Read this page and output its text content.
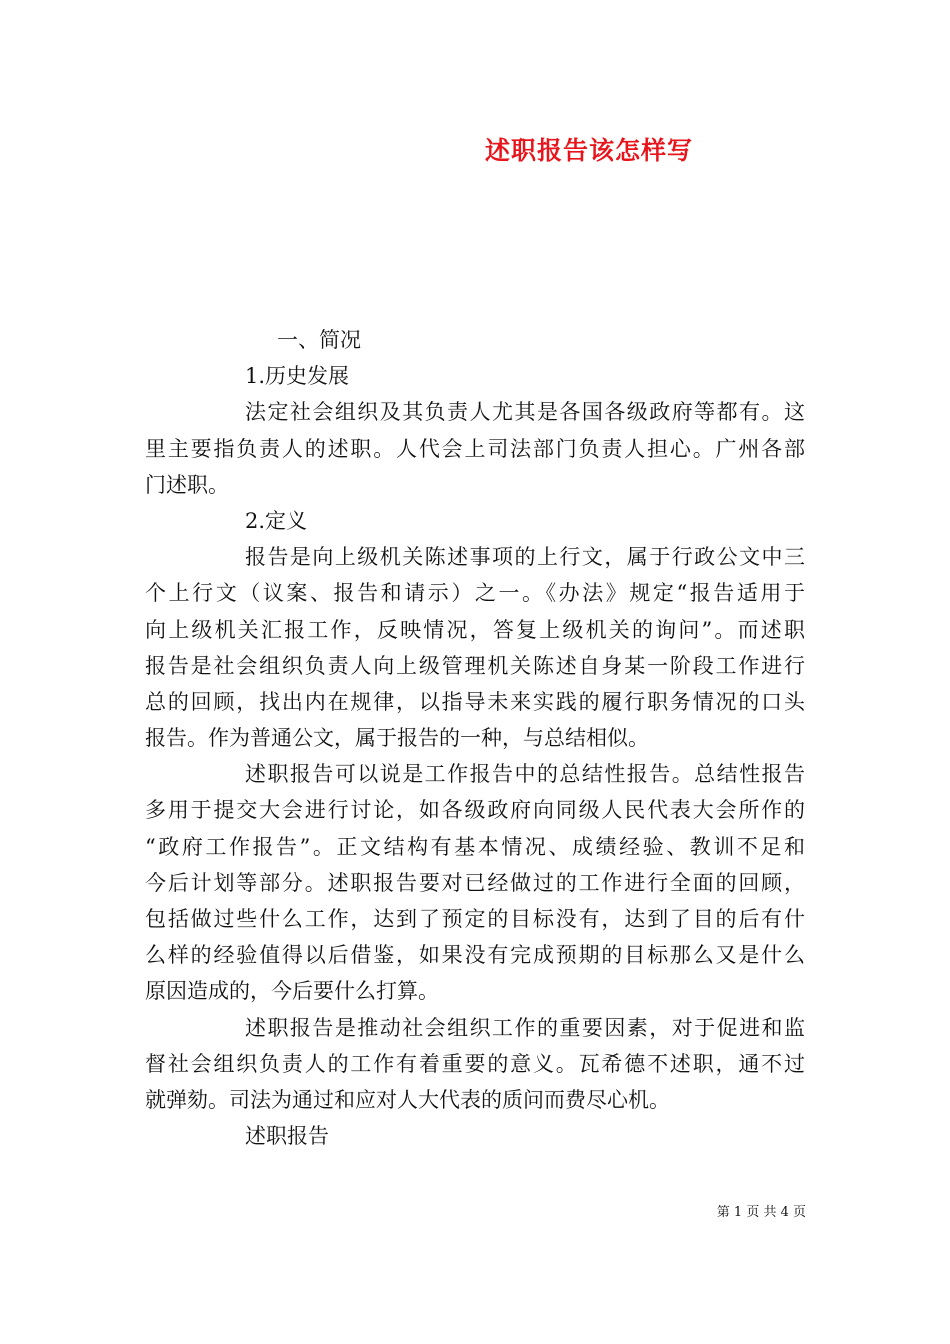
述职报告该怎样写
一、简况
1.历史发展
法定社会组织及其负责人尤其是各国各级政府等都有。这
里主要指负责人的述职。人代会上司法部门负责人担心。广州各部
门述职。
2.定义
报告是向上级机关陈述事项的上行文，属于行政公文中三
个上行文（议案、报告和请示）之一。《办法》规定“报告适用于
向上级机关汇报工作，反映情况，答复上级机关的询问”。而述职
报告是社会组织负责人向上级管理机关陈述自身某一阶段工作进行
总的回顾，找出内在规律，以指导未来实践的履行职务情况的口头
报告。作为普通公文，属于报告的一种，与总结相似。
述职报告可以说是工作报告中的总结性报告。总结性报告
多用于提交大会进行讨论，如各级政府向同级人民代表大会所作的
“政府工作报告”。正文结构有基本情况、成绩经验、教训不足和
今后计划等部分。述职报告要对已经做过的工作进行全面的回顾，
包括做过些什么工作，达到了预定的目标没有，达到了目的后有什
么样的经验值得以后借鉴，如果没有完成预期的目标那么又是什么
原因造成的，今后要什么打算。
述职报告是推动社会组织工作的重要因素，对于促进和监
督社会组织负责人的工作有着重要的意义。瓦希德不述职，通不过
就弹劾。司法为通过和应对人大代表的质问而费尽心机。
述职报告
第 1 页 共 4 页
